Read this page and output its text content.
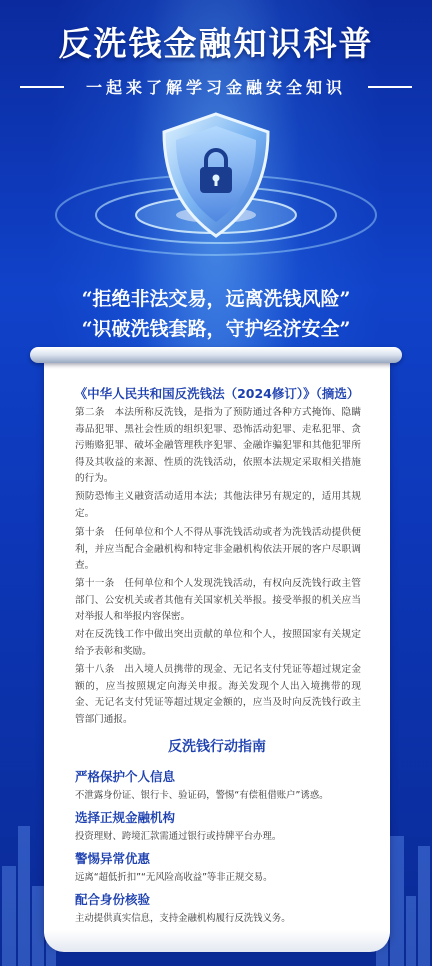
反洗钱金融知识科普
一起来了解学习金融安全知识
“拒绝非法交易，远离洗钱风险”
“识破洗钱套路，守护经济安全”
《中华人民共和国反洗钱法（2024修订）》（摘选）
第二条　本法所称反洗钱，是指为了预防通过各种方式掩饰、隐瞒毒品犯罪、黑社会性质的组织犯罪、恐怖活动犯罪、走私犯罪、贪污贿赂犯罪、破坏金融管理秩序犯罪、金融诈骗犯罪和其他犯罪所得及其收益的来源、性质的洗钱活动，依照本法规定采取相关措施的行为。
预防恐怖主义融资活动适用本法；其他法律另有规定的，适用其规定。
第十条　任何单位和个人不得从事洗钱活动或者为洗钱活动提供便利，并应当配合金融机构和特定非金融机构依法开展的客户尽职调查。
第十一条　任何单位和个人发现洗钱活动，有权向反洗钱行政主管部门、公安机关或者其他有关国家机关举报。接受举报的机关应当对举报人和举报内容保密。
对在反洗钱工作中做出突出贡献的单位和个人，按照国家有关规定给予表彰和奖励。
第十八条　出入境人员携带的现金、无记名支付凭证等超过规定金额的，应当按照规定向海关申报。海关发现个人出入境携带的现金、无记名支付凭证等超过规定金额的，应当及时向反洗钱行政主管部门通报。
反洗钱行动指南
严格保护个人信息
不泄露身份证、银行卡、验证码，警惕“有偿租借账户”诱惑。
选择正规金融机构
投资理财、跨境汇款需通过银行或持牌平台办理。
警惕异常优惠
远离“超低折扣”“无风险高收益”等非正规交易。
配合身份核验
主动提供真实信息，支持金融机构履行反洗钱义务。
